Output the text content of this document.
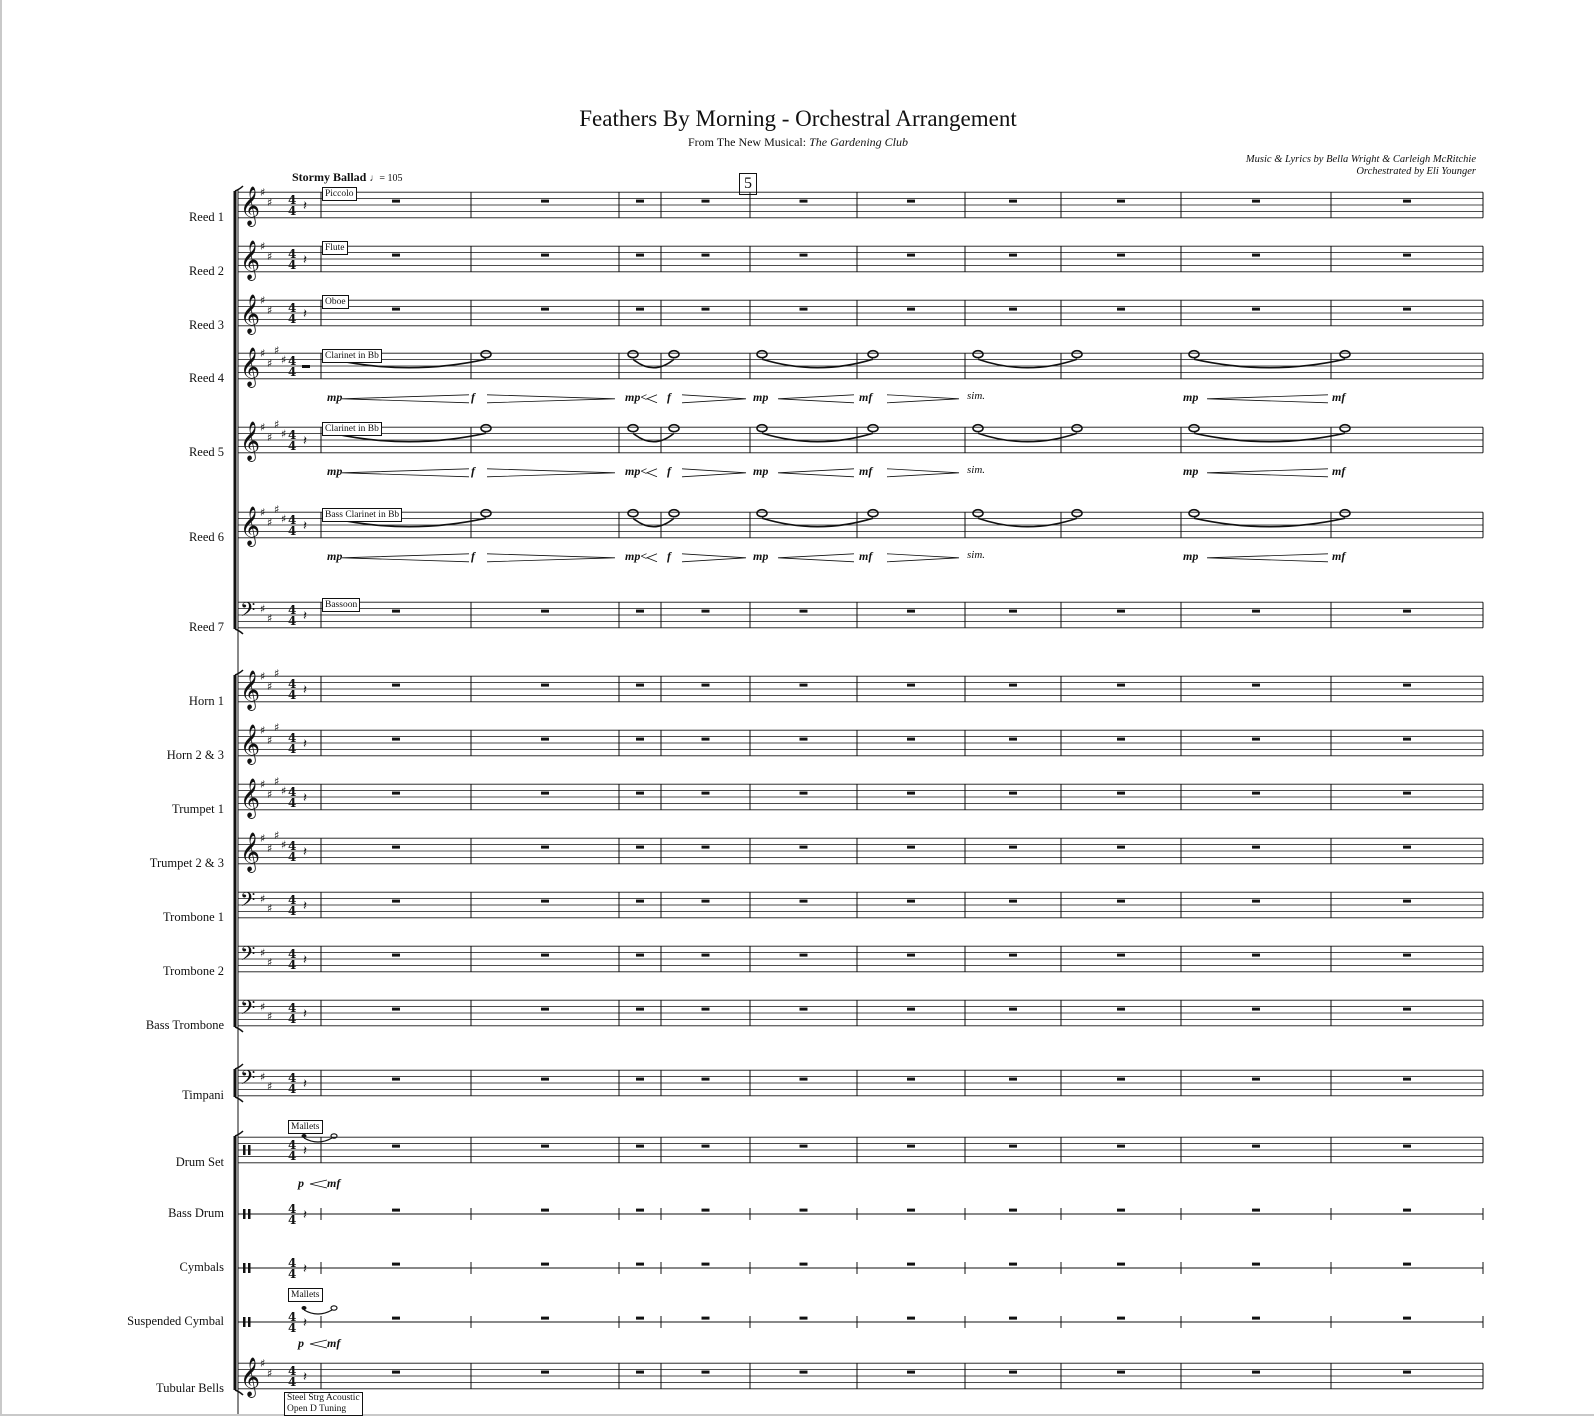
𝄞 ♯
♯ 4
4 𝄽
𝄞 ♯
♯ 4
4 𝄽
𝄞 ♯
♯ 4
4 𝄽
𝄞 ♯
♯
♯
♯ 4
4
𝄞 ♯
♯
♯
♯ 4
4 𝄽
𝄞 ♯
♯
♯
♯ 4
4 𝄽
𝄢 ♯
♯
4
4 𝄽
𝄞 ♯
♯
♯
4
4 𝄽
𝄞 ♯
♯
♯
4
4 𝄽
𝄞 ♯
♯
♯
♯ 4
4 𝄽
𝄞 ♯
♯
♯
♯ 4
4 𝄽
𝄢 ♯
♯
4
4 𝄽
𝄢 ♯
♯
4
4 𝄽
𝄢 ♯
♯
4
4 𝄽
𝄢 ♯
♯
4
4 𝄽
4
4 𝄽
4
4 𝄽
4
4 𝄽
4
4 𝄽
𝄞 ♯
♯ 4
4 𝄽
Feathers By Morning - Orchestral Arrangement
From The New Musical: The Gardening Club
Music & Lyrics by Bella Wright & Carleigh McRitchie
Orchestrated by Eli Younger
Stormy Ballad ♩= 105	5
Reed 1
Reed 2
Reed 3
Reed 4
Reed 5
Reed 6
Reed 7
Horn 1
Horn 2 & 3
Trumpet 1
Trumpet 2 & 3
Trombone 1
Trombone 2
Bass Trombone
Timpani
Drum Set
Bass Drum
Cymbals
Suspended Cymbal
Tubular Bells
Piccolo
Flute
Oboe
Clarinet in Bb
Clarinet in Bb
Bass Clarinet in Bb
Bassoon
Mallets
Mallets
mp	f	mp< f	mp	mf	sim.	mp	mf
mp	f	mp< f	mp	mf	sim.	mp	mf
mp	f	mp< f	mp	mf	sim.	mp	mf
p mf
p mf
Steel Strg Acoustic
Open D Tuning
